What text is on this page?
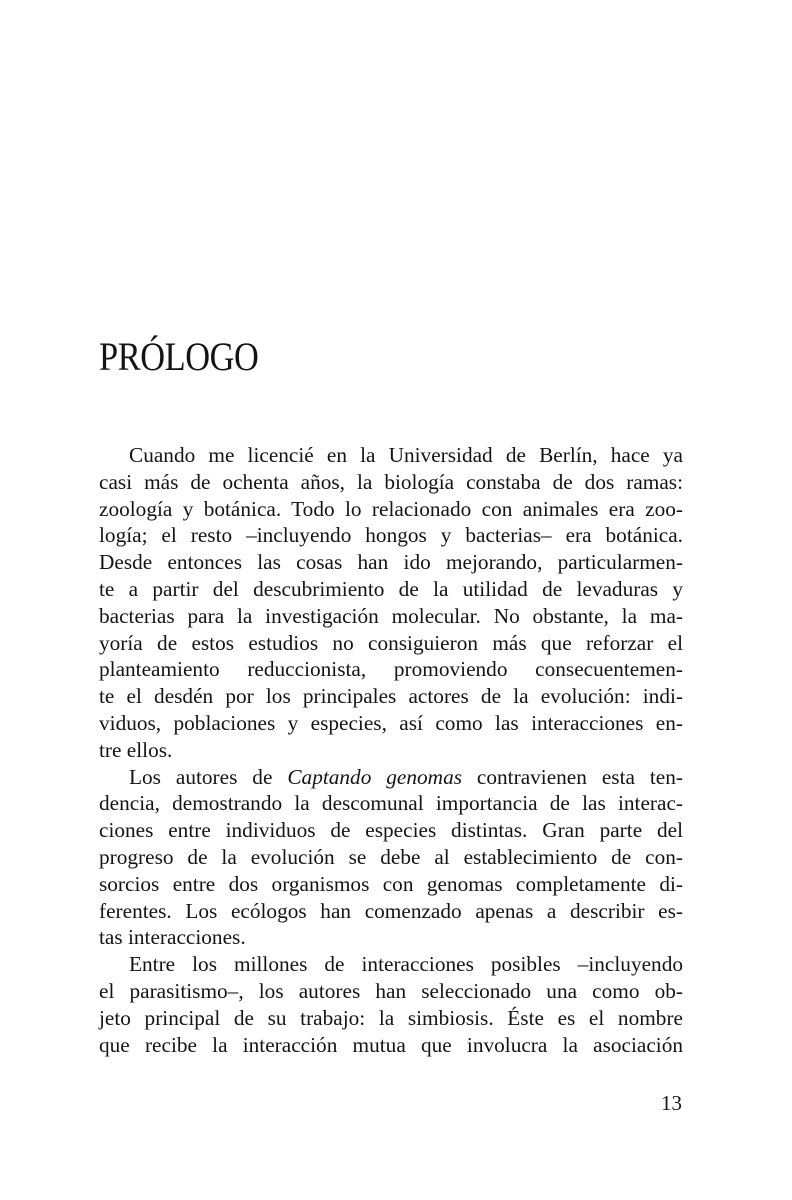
PRÓLOGO
Cuando me licencié en la Universidad de Berlín, hace ya
casi más de ochenta años, la biología constaba de dos ramas:
zoología y botánica. Todo lo relacionado con animales era zoo-
logía; el resto –incluyendo hongos y bacterias– era botánica.
Desde entonces las cosas han ido mejorando, particularmen-
te a partir del descubrimiento de la utilidad de levaduras y
bacterias para la investigación molecular. No obstante, la ma-
yoría de estos estudios no consiguieron más que reforzar el
planteamiento reduccionista, promoviendo consecuentemen-
te el desdén por los principales actores de la evolución: indi-
viduos, poblaciones y especies, así como las interacciones en-
tre ellos.
Los autores de Captando genomas contravienen esta ten-
dencia, demostrando la descomunal importancia de las interac-
ciones entre individuos de especies distintas. Gran parte del
progreso de la evolución se debe al establecimiento de con-
sorcios entre dos organismos con genomas completamente di-
ferentes. Los ecólogos han comenzado apenas a describir es-
tas interacciones.
Entre los millones de interacciones posibles –incluyendo
el parasitismo–, los autores han seleccionado una como ob-
jeto principal de su trabajo: la simbiosis. Éste es el nombre
que recibe la interacción mutua que involucra la asociación
13
